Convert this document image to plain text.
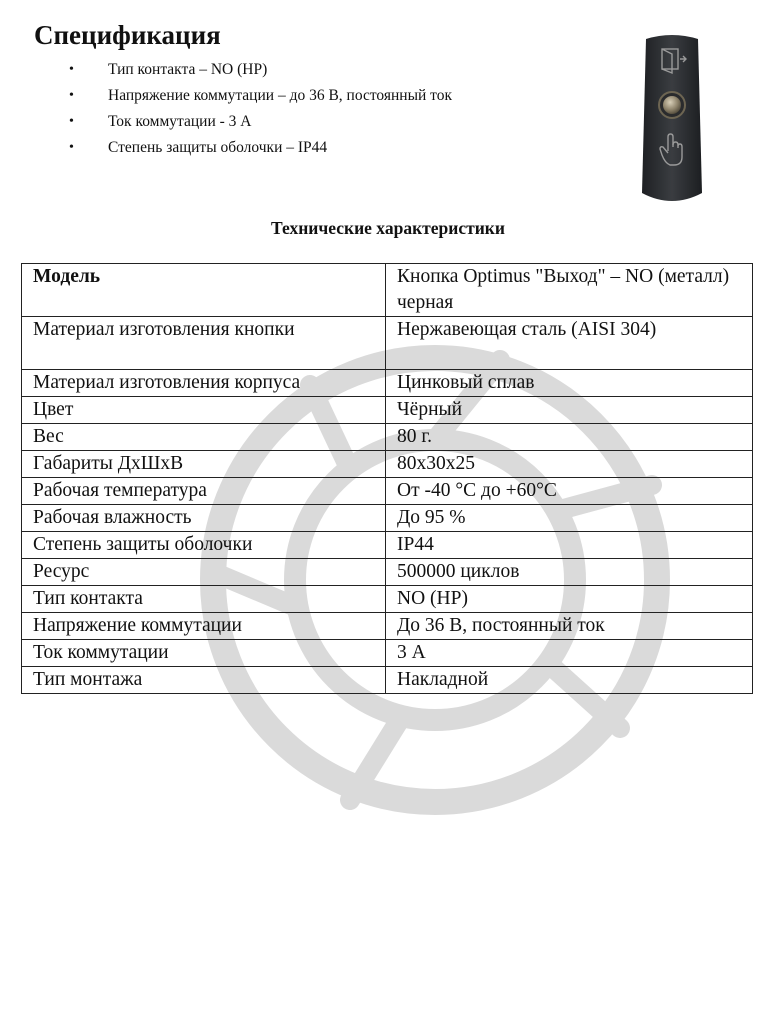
Спецификация
• Тип контакта – NO (НР)
• Напряжение коммутации – до 36 В, постоянный ток
• Ток коммутации - 3 А
• Степень защиты оболочки – IP44
Технические характеристики
Модель	Кнопка Optimus "Выход" – NO (металл) черная
Материал изготовления кнопки	Нержавеющая сталь (AISI 304)
Материал изготовления корпуса	Цинковый сплав
Цвет	Чёрный
Вес	80 г.
Габариты ДхШхВ	80х30х25
Рабочая температура	От -40 °С до +60°С
Рабочая влажность	До 95 %
Степень защиты оболочки	IP44
Ресурс	500000 циклов
Тип контакта	NO (НР)
Напряжение коммутации	До 36 В, постоянный ток
Ток коммутации	3 А
Тип монтажа	Накладной
